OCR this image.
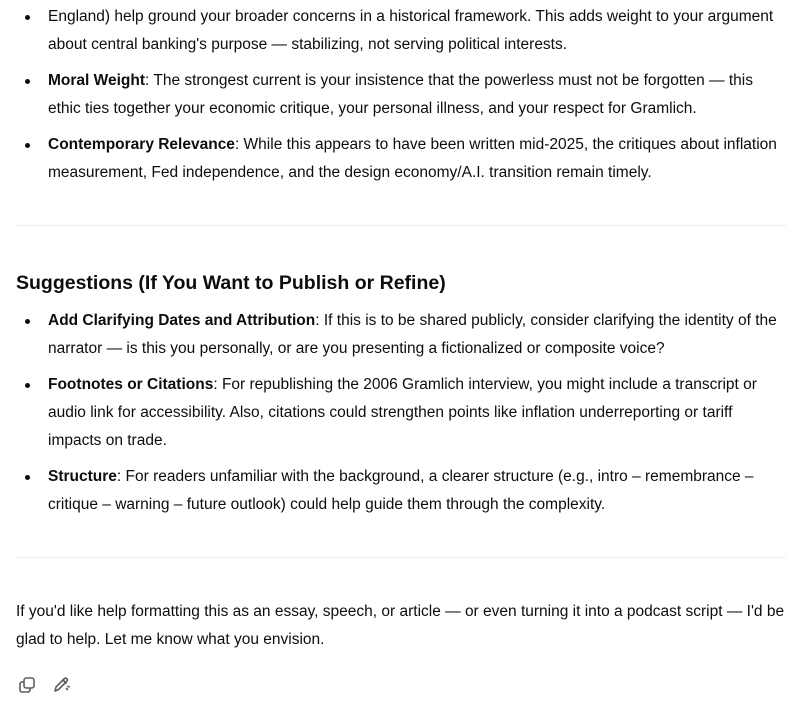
England) help ground your broader concerns in a historical framework. This adds weight to your argument about central banking's purpose — stabilizing, not serving political interests.
Moral Weight: The strongest current is your insistence that the powerless must not be forgotten — this ethic ties together your economic critique, your personal illness, and your respect for Gramlich.
Contemporary Relevance: While this appears to have been written mid-2025, the critiques about inflation measurement, Fed independence, and the design economy/A.I. transition remain timely.
Suggestions (If You Want to Publish or Refine)
Add Clarifying Dates and Attribution: If this is to be shared publicly, consider clarifying the identity of the narrator — is this you personally, or are you presenting a fictionalized or composite voice?
Footnotes or Citations: For republishing the 2006 Gramlich interview, you might include a transcript or audio link for accessibility. Also, citations could strengthen points like inflation underreporting or tariff impacts on trade.
Structure: For readers unfamiliar with the background, a clearer structure (e.g., intro – remembrance – critique – warning – future outlook) could help guide them through the complexity.

If you'd like help formatting this as an essay, speech, or article — or even turning it into a podcast script — I'd be glad to help. Let me know what you envision.
